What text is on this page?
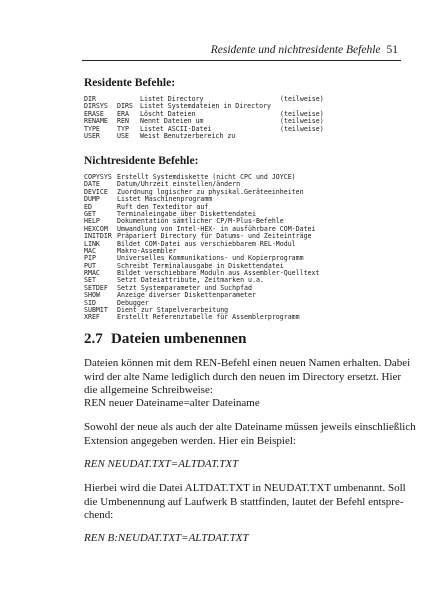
Residente und nichtresidente Befehle 51
Residente Befehle:
DIR	Listet Directory	(teilweise)
DIRSYS DIRS Listet Systemdateien in Directory
ERASE ERA Löscht Dateien	(teilweise)
RENAME REN Nennt Dateien um	(teilweise)
TYPE	TYP Listet ASCII-Datei	(teilweise)
USER	USE Weist Benutzerbereich zu
Nichtresidente Befehle:
COPYSYS Erstellt Systemdiskette (nicht CPC und JOYCE)
DATE	Datum/Uhrzeit einstellen/ändern
DEVICE Zuordnung logischer zu physikal.Geräteeinheiten
DUMP	Listet Maschinenprogramm
ED	Ruft den Texteditor auf
GET	Terminaleingabe über Diskettendatei
HELP	Dokumentation sämtlicher CP/M-Plus-Befehle
HEXCOM Umwandlung von Intel-HEX- in ausführbare COM-Datei
INITDIR Präpariert Directory für Datums- und Zeiteinträge
LINK	Bildet COM-Datei aus verschiebbarem REL-Modul
MAC	Makro-Assembler
PIP	Universelles Kommunikations- und Kopierprogramm
PUT	Schreibt Terminalausgabe in Diskettendatei
RMAC	Bildet verschiebbare Moduln aus Assembler-Quelltext
SET	Setzt Dateiattribute, Zeitmarken u.a.
SETDEF Setzt Systemparameter und Suchpfad
SHOW	Anzeige diverser Diskettenparameter
SID	Debugger
SUBMIT Dient zur Stapelverarbeitung
XREF	Erstellt Referenztabelle für Assemblerprogramm
2.7 Dateien umbenennen
Dateien können mit dem REN-Befehl einen neuen Namen erhalten. Dabei
wird der alte Name lediglich durch den neuen im Directory ersetzt. Hier
die allgemeine Schreibweise:
REN neuer Dateiname=alter Dateiname
Sowohl der neue als auch der alte Dateiname müssen jeweils einschließlich
Extension angegeben werden. Hier ein Beispiel:
REN NEUDAT.TXT=ALTDAT.TXT
Hierbei wird die Datei ALTDAT.TXT in NEUDAT.TXT umbenannt. Soll
die Umbenennung auf Laufwerk B stattfinden, lautet der Befehl entspre-
chend:
REN B:NEUDAT.TXT=ALTDAT.TXT
